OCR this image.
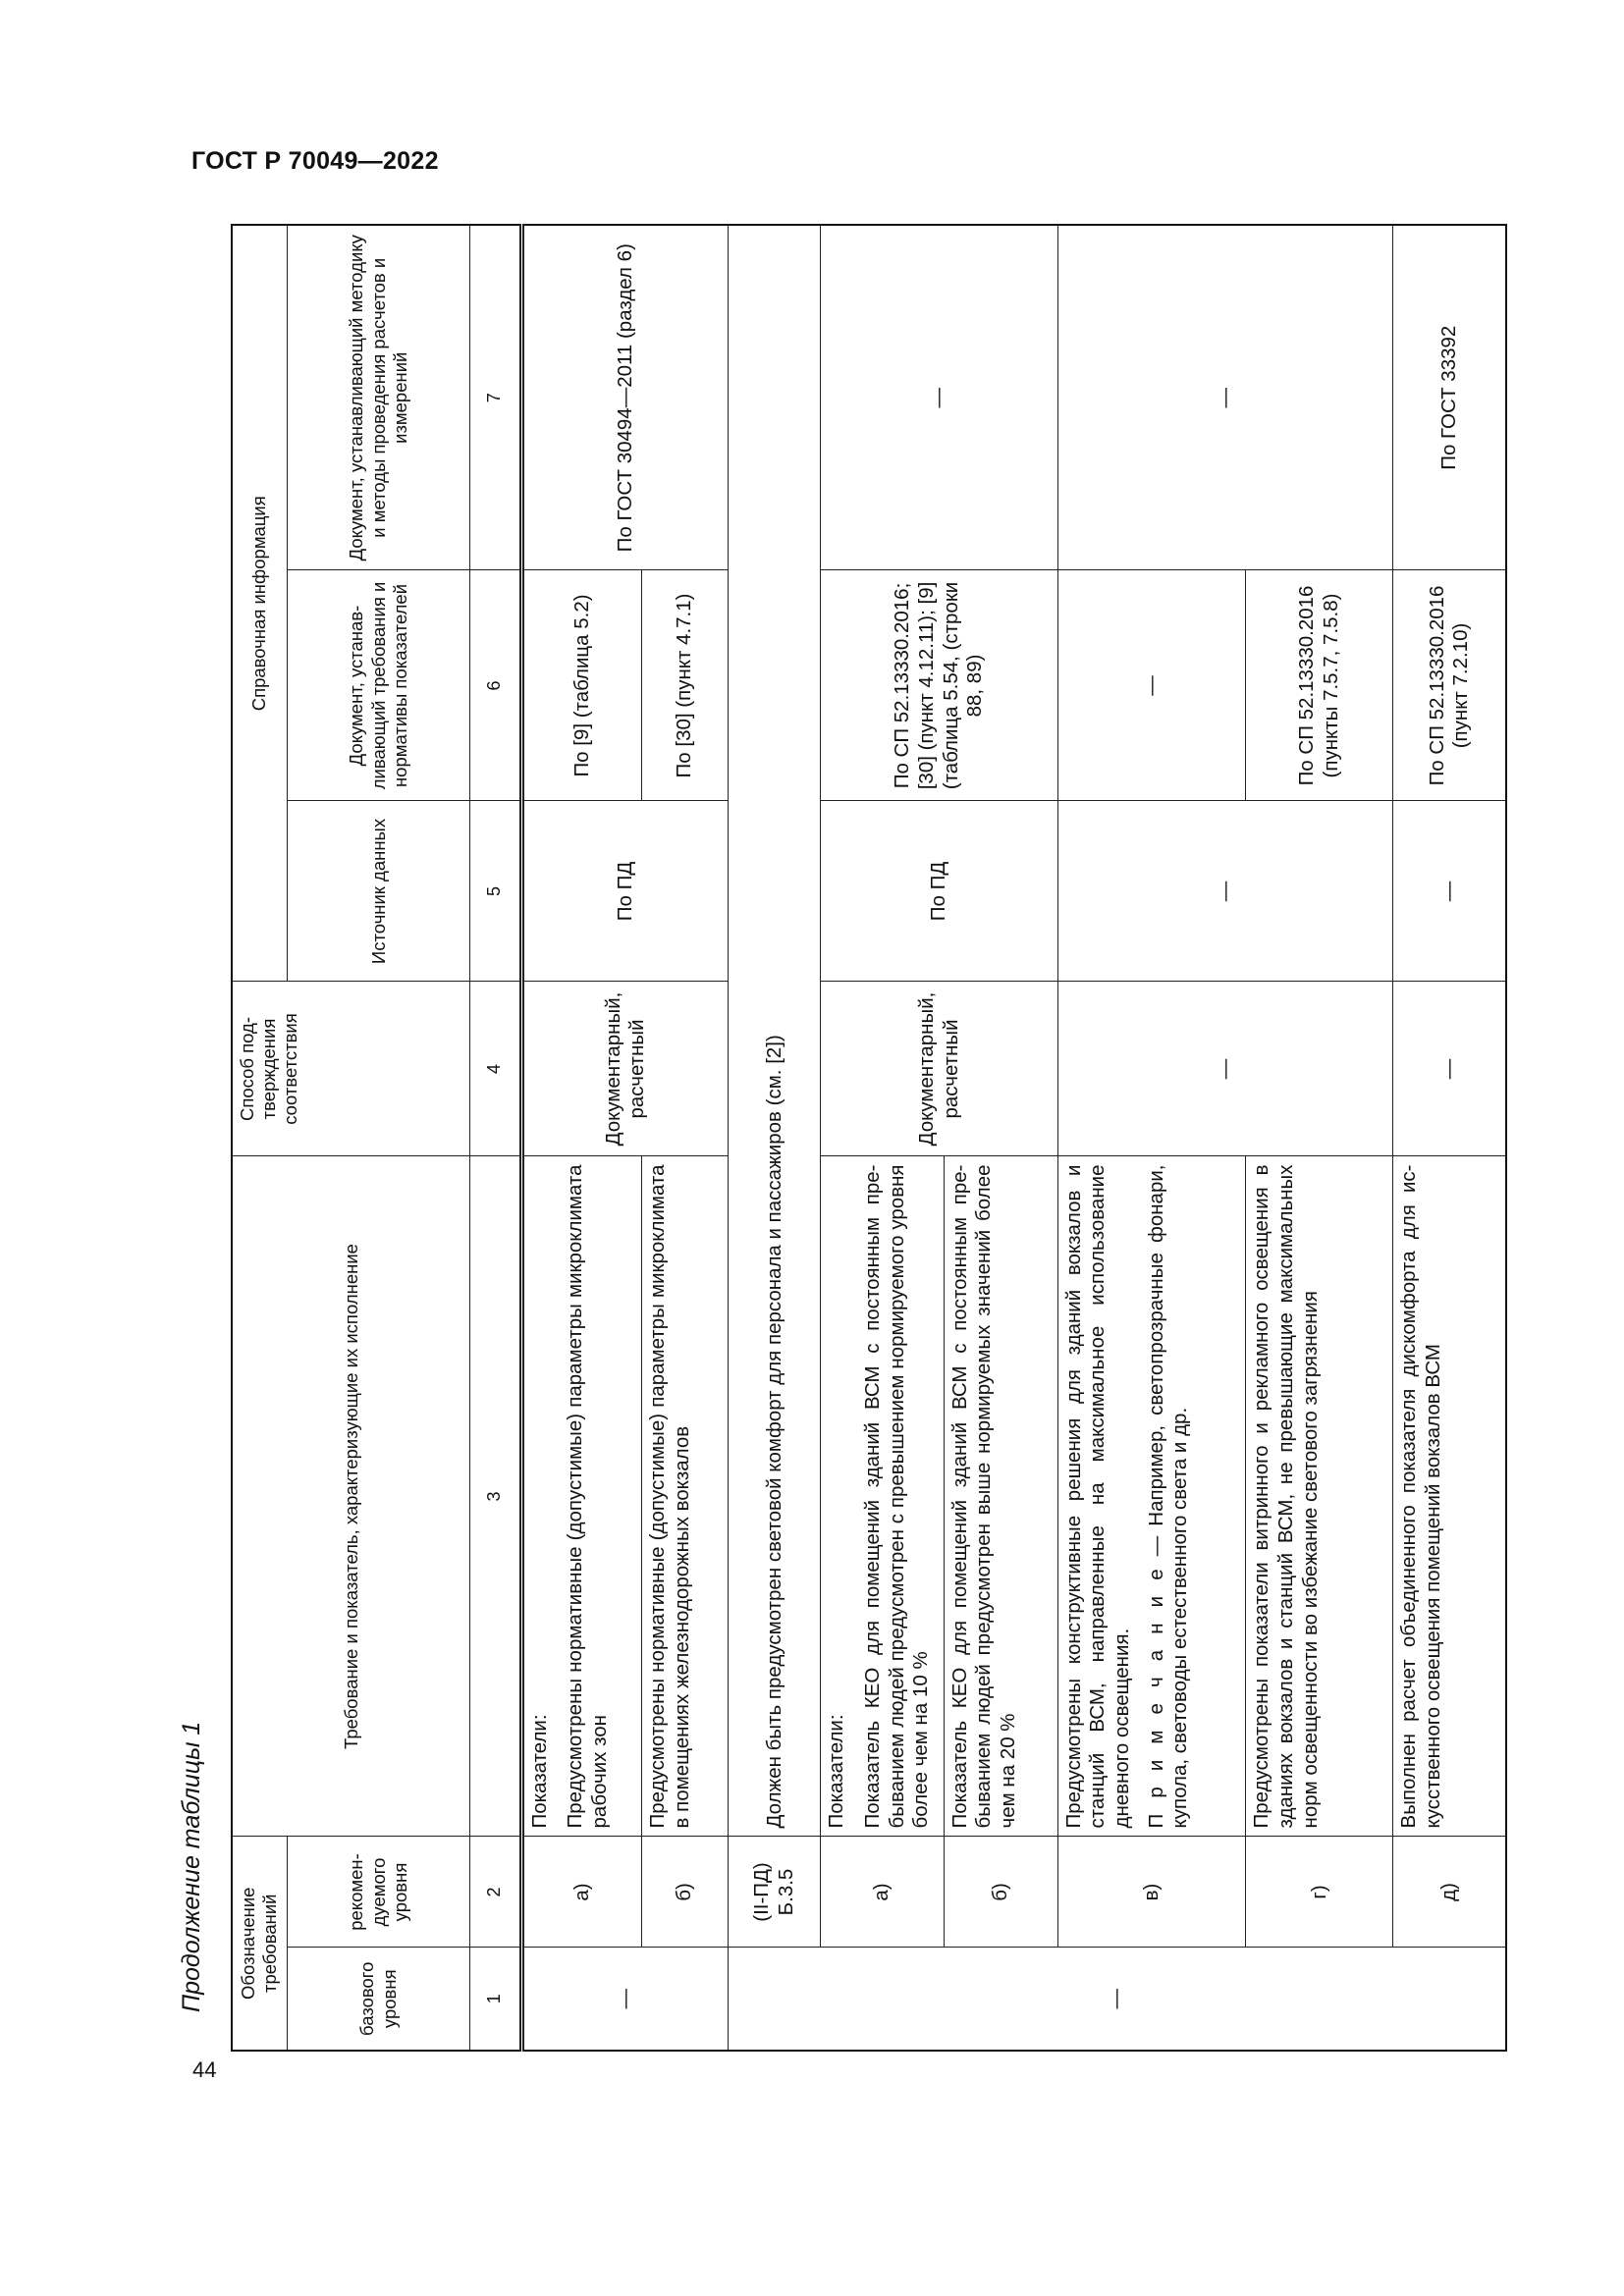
ГОСТ Р 70049—2022
Продолжение таблицы 1
44
Обозначение требований		Требование и показатель, характеризующие их исполнение	Способ подтверждения соответствия	Справочная информация		
базового уровня	рекомендуемого уровня			Источник данных	Документ, устанавливающий требования и нормативы показателей	Документ, устанавливающий методику и методы проведения расчетов и измерений
1	2	3	4	5	6	7
—	а)	Показатели: Предусмотрены нормативные (допустимые) параметры микроклимата рабочих зон	Документарный, расчетный	По ПД	По [9] (таблица 5.2)	По ГОСТ 30494—2011 (раздел 6)
	б)	Предусмотрены нормативные (допустимые) параметры микроклимата в помещениях железнодорожных вокзалов			По [30] (пункт 4.7.1)	
—	(II-ПД) Б.3.5	Должен быть предусмотрен световой комфорт для персонала и пассажиров (см. [2])				
	а)	Показатели: Показатель КЕО для помещений зданий ВСМ с постоянным пребыванием людей предусмотрен с превышением нормируемого уровня более чем на 10 %	Документарный, расчетный	По ПД	По СП 52.13330.2016; [30] (пункт 4.12.11); [9] (таблица 5.54, (строки 88, 89)	—
	б)	Показатель КЕО для помещений зданий ВСМ с постоянным пребыванием людей предусмотрен выше нормируемых значений более чем на 20 %				
	в)	Предусмотрены конструктивные решения для зданий вокзалов и станций ВСМ, направленные на максимальное использование дневного освещения. П р и м е ч а н и е — Например, светопрозрачные фонари, купола, световоды естественного света и др.	—	—	—	—
	г)	Предусмотрены показатели витринного и рекламного освещения в зданиях вокзалов и станций ВСМ, не превышающие максимальных норм освещенности во избежание светового загрязнения			По СП 52.13330.2016 (пункты 7.5.7, 7.5.8)	
	д)	Выполнен расчет объединенного показателя дискомфорта для искусственного освещения помещений вокзалов ВСМ	—	—	По СП 52.13330.2016 (пункт 7.2.10)	По ГОСТ 33392
